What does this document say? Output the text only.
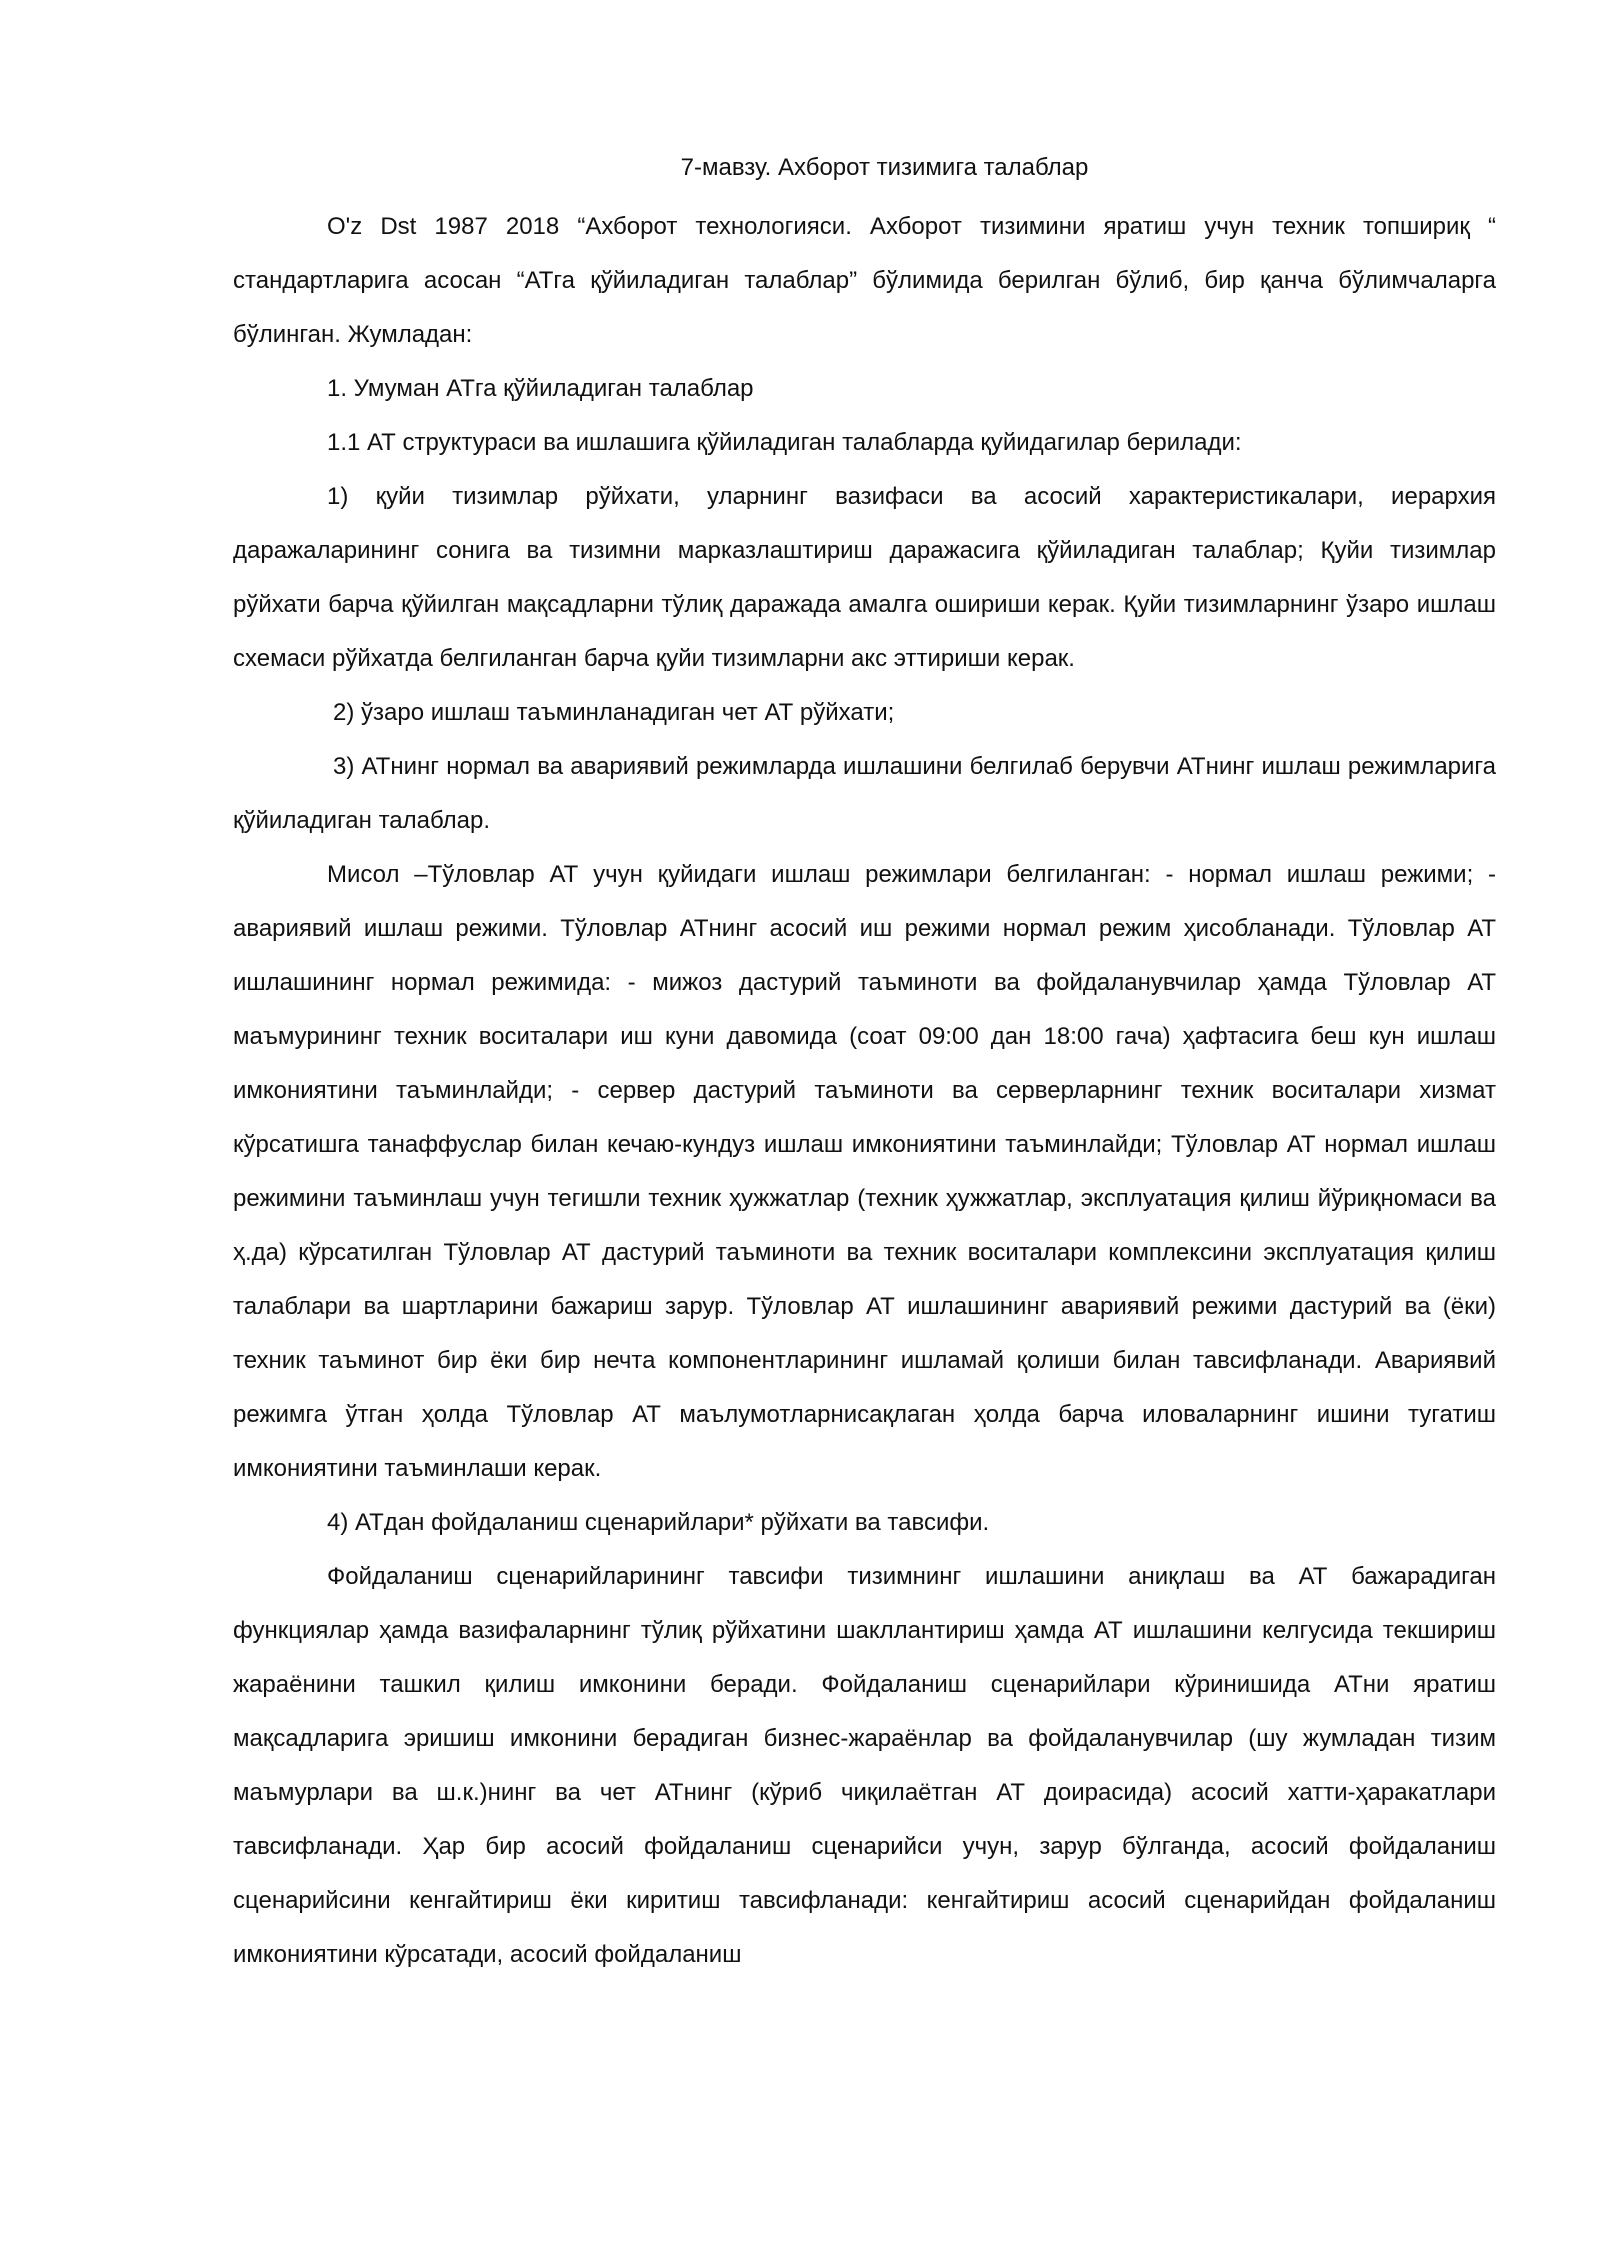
7-мавзу. Ахборот тизимига талаблар

O'z Dst 1987 2018 “Ахборот технологияси. Ахборот тизимини яратиш учун техник топшириқ “ стандартларига асосан “АТга қўйиладиган талаблар” бўлимида берилган бўлиб, бир қанча бўлимчаларга бўлинган. Жумладан:

1. Умуман АТга қўйиладиган талаблар

1.1 АТ структураси ва ишлашига қўйиладиган талабларда қуйидагилар берилади:

1) қуйи тизимлар рўйхати, уларнинг вазифаси ва асосий характеристикалари, иерархия даражаларининг сонига ва тизимни марказлаштириш даражасига қўйиладиган талаблар; Қуйи тизимлар рўйхати барча қўйилган мақсадларни тўлиқ даражада амалга ошириши керак. Қуйи тизимларнинг ўзаро ишлаш схемаси рўйхатда белгиланган барча қуйи тизимларни акс эттириши керак.

2) ўзаро ишлаш таъминланадиган чет АТ рўйхати;

3) АТнинг нормал ва авариявий режимларда ишлашини белгилаб берувчи АТнинг ишлаш режимларига қўйиладиган талаблар.

Мисол –Тўловлар АТ учун қуйидаги ишлаш режимлари белгиланган: - нормал ишлаш режими; - авариявий ишлаш режими. Тўловлар АТнинг асосий иш режими нормал режим ҳисобланади. Тўловлар АТ ишлашининг нормал режимида: - мижоз дастурий таъминоти ва фойдаланувчилар ҳамда Тўловлар АТ маъмурининг техник воситалари иш куни давомида (соат 09:00 дан 18:00 гача) ҳафтасига беш кун ишлаш имкониятини таъминлайди; - сервер дастурий таъминоти ва серверларнинг техник воситалари хизмат кўрсатишга танаффуслар билан кечаю-кундуз ишлаш имкониятини таъминлайди; Тўловлар АТ нормал ишлаш режимини таъминлаш учун тегишли техник ҳужжатлар (техник ҳужжатлар, эксплуатация қилиш йўриқномаси ва ҳ.да) кўрсатилган Тўловлар АТ дастурий таъминоти ва техник воситалари комплексини эксплуатация қилиш талаблари ва шартларини бажариш зарур. Тўловлар АТ ишлашининг авариявий режими дастурий ва (ёки) техник таъминот бир ёки бир нечта компонентларининг ишламай қолиши билан тавсифланади. Авариявий режимга ўтган ҳолда Тўловлар АТ маълумотларнисақлаган ҳолда барча иловаларнинг ишини тугатиш имкониятини таъминлаши керак.

4) АТдан фойдаланиш сценарийлари* рўйхати ва тавсифи.

Фойдаланиш сценарийларининг тавсифи тизимнинг ишлашини аниқлаш ва АТ бажарадиган функциялар ҳамда вазифаларнинг тўлиқ рўйхатини шакллантириш ҳамда АТ ишлашини келгусида текшириш жараёнини ташкил қилиш имконини беради. Фойдаланиш сценарийлари кўринишида АТни яратиш мақсадларига эришиш имконини берадиган бизнес-жараёнлар ва фойдаланувчилар (шу жумладан тизим маъмурлари ва ш.к.)нинг ва чет АТнинг (кўриб чиқилаётган АТ доирасида) асосий хатти-ҳаракатлари тавсифланади. Ҳар бир асосий фойдаланиш сценарийси учун, зарур бўлганда, асосий фойдаланиш сценарийсини кенгайтириш ёки киритиш тавсифланади: кенгайтириш асосий сценарийдан фойдаланиш имкониятини кўрсатади, асосий фойдаланиш
